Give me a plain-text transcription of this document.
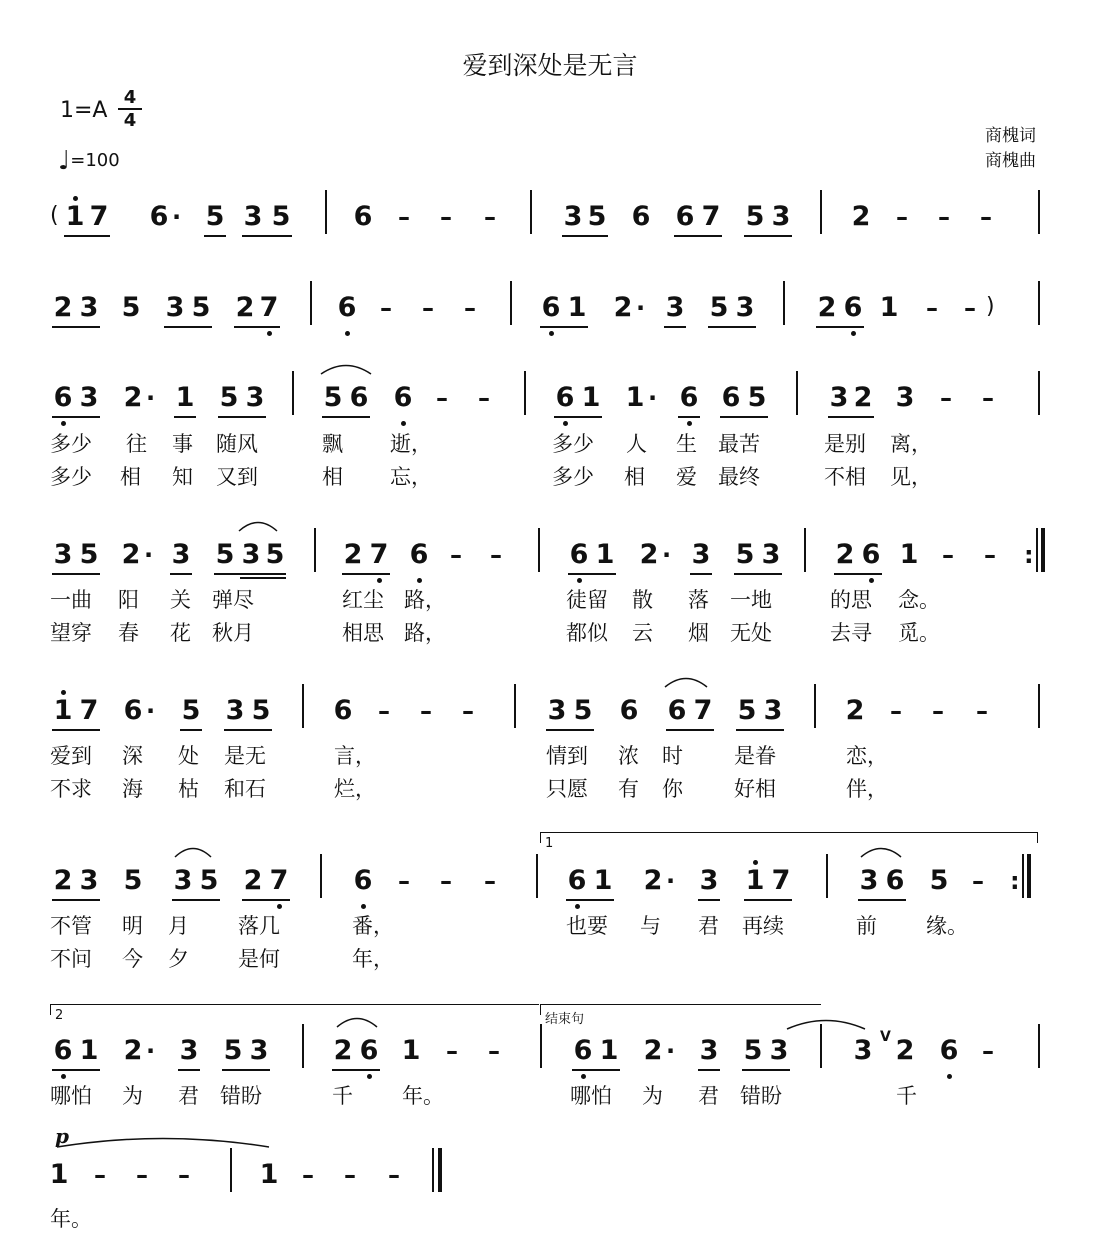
爱到深处是无言
1=A
4
4
♩=100
商槐词
商槐曲
( 1 7 6 · 5 3 5 6 – – –	3 5 6 6 7 5 3 2 – – –
2 3 5 3 5 2 7 6 – – – 6 1 2 · 3 5 3 2 6 1 – – )
6 3 2 · 1 5 3 5 6 6 – – 6 1 1 · 6 6 5 3 2 3 – –
多少 往 事 随风	飘 逝，	多少 人 生 最苦	是别 离，
多少 相 知 又到	相 忘，	多少 相 爱 最终	不相 见，
3 5 2 · 3 5 3 5 2 7 6 – –	6 1 2 · 3 5 3 2 6 1 – – :
一曲 阳 关 弹尽	红尘 路，	徒留 散 落 一地	的思 念。
望穿 春 花 秋月	相思 路，	都似 云 烟 无处	去寻 觅。
1 7 6 · 5 3 5 6 – – –	3 5 6 6 7 5 3 2 – – –
爱到 深 处 是无	言，	情到 浓 时 是眷	恋，
不求 海 枯 和石	烂，	只愿 有 你 好相	伴，
1
2 3 5 3 5 2 7 6 – – –	6 1 2 · 3 1 7	3 6 5 – :
不管 明 月 落几	番，	也要 与 君 再续	前 缘。
不问 今 夕 是何	年，
2	结束句
6 1 2 · 3 5 3 2 6 1 – –	6 1 2 · 3 5 3 3 V 2 6 –
哪怕 为 君 错盼	千 年。	哪怕 为 君 错盼	千
p
1 – – –	1 – – –
年。
